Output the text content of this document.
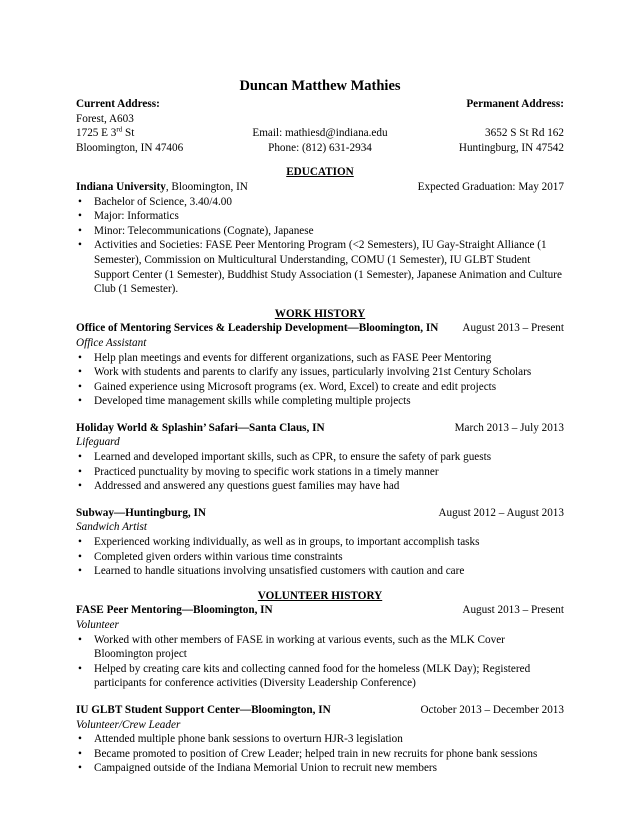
Duncan Matthew Mathies
Current Address:	Permanent Address:
Forest, A603
1725 E 3rd St	Email: mathiesd@indiana.edu	3652 S St Rd 162
Bloomington, IN 47406	Phone: (812) 631-2934	Huntingburg, IN 47542
EDUCATION
Indiana University, Bloomington, IN	Expected Graduation: May 2017
• Bachelor of Science, 3.40/4.00
• Major: Informatics
• Minor: Telecommunications (Cognate), Japanese
• Activities and Societies: FASE Peer Mentoring Program (<2 Semesters), IU Gay-Straight Alliance (1 Semester), Commission on Multicultural Understanding, COMU (1 Semester), IU GLBT Student Support Center (1 Semester), Buddhist Study Association (1 Semester), Japanese Animation and Culture Club (1 Semester).
WORK HISTORY
Office of Mentoring Services & Leadership Development—Bloomington, IN August 2013 – Present
Office Assistant
• Help plan meetings and events for different organizations, such as FASE Peer Mentoring
• Work with students and parents to clarify any issues, particularly involving 21st Century Scholars
• Gained experience using Microsoft programs (ex. Word, Excel) to create and edit projects
• Developed time management skills while completing multiple projects
Holiday World & Splashin’ Safari—Santa Claus, IN	March 2013 – July 2013
Lifeguard
• Learned and developed important skills, such as CPR, to ensure the safety of park guests
• Practiced punctuality by moving to specific work stations in a timely manner
• Addressed and answered any questions guest families may have had
Subway—Huntingburg, IN	August 2012 – August 2013
Sandwich Artist
• Experienced working individually, as well as in groups, to important accomplish tasks
• Completed given orders within various time constraints
• Learned to handle situations involving unsatisfied customers with caution and care
VOLUNTEER HISTORY
FASE Peer Mentoring—Bloomington, IN	August 2013 – Present
Volunteer
• Worked with other members of FASE in working at various events, such as the MLK Cover Bloomington project
• Helped by creating care kits and collecting canned food for the homeless (MLK Day); Registered participants for conference activities (Diversity Leadership Conference)
IU GLBT Student Support Center—Bloomington, IN	October 2013 – December 2013
Volunteer/Crew Leader
• Attended multiple phone bank sessions to overturn HJR-3 legislation
• Became promoted to position of Crew Leader; helped train in new recruits for phone bank sessions
• Campaigned outside of the Indiana Memorial Union to recruit new members
